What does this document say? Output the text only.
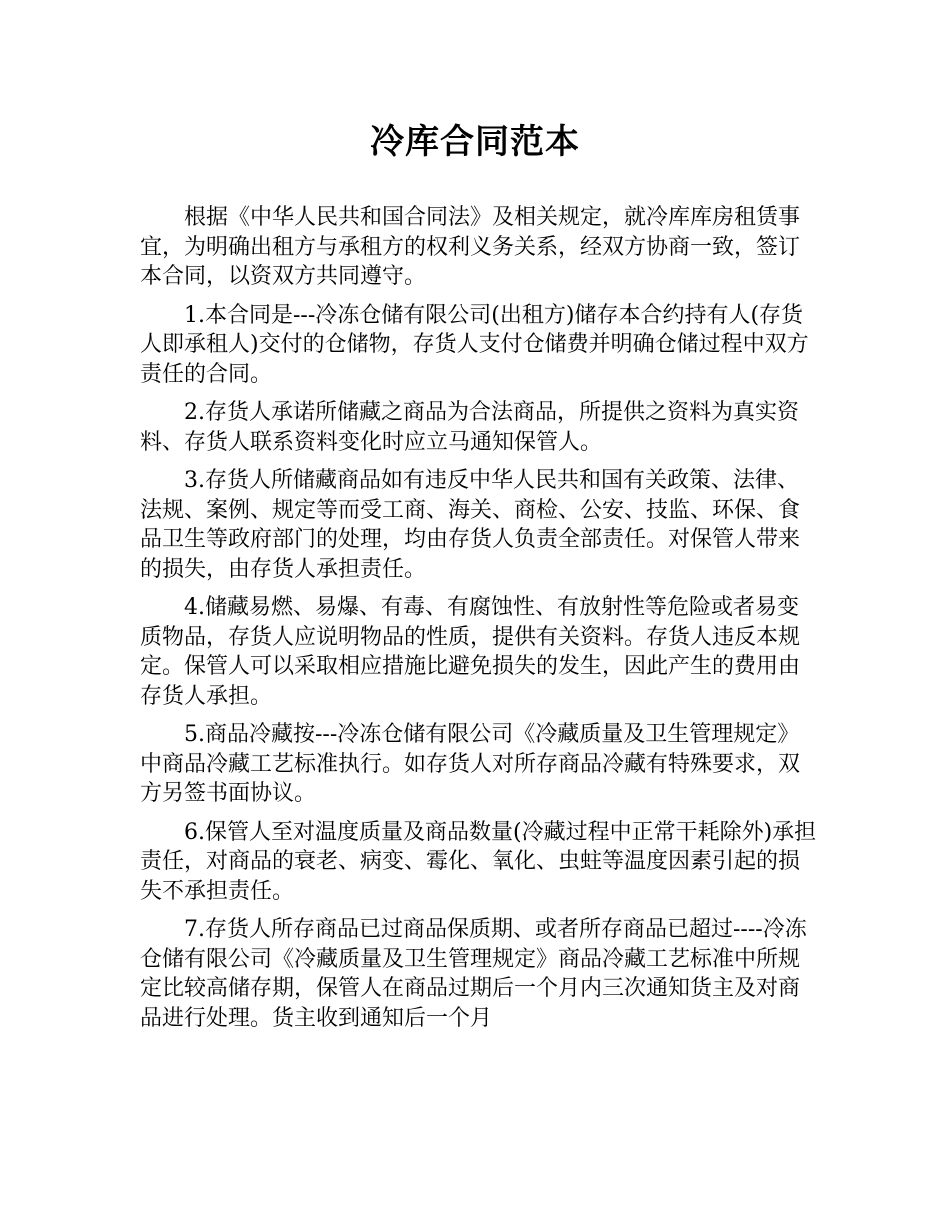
冷库合同范本

根据《中华人民共和国合同法》及相关规定，就冷库库房租赁事宜，为明确出租方与承租方的权利义务关系，经双方协商一致，签订本合同，以资双方共同遵守。

1.本合同是---冷冻仓储有限公司(出租方)储存本合约持有人(存货人即承租人)交付的仓储物，存货人支付仓储费并明确仓储过程中双方责任的合同。

2.存货人承诺所储藏之商品为合法商品，所提供之资料为真实资料、存货人联系资料变化时应立马通知保管人。

3.存货人所储藏商品如有违反中华人民共和国有关政策、法律、法规、案例、规定等而受工商、海关、商检、公安、技监、环保、食品卫生等政府部门的处理，均由存货人负责全部责任。对保管人带来的损失，由存货人承担责任。

4.储藏易燃、易爆、有毒、有腐蚀性、有放射性等危险或者易变质物品，存货人应说明物品的性质，提供有关资料。存货人违反本规定。保管人可以采取相应措施比避免损失的发生，因此产生的费用由存货人承担。

5.商品冷藏按---冷冻仓储有限公司《冷藏质量及卫生管理规定》中商品冷藏工艺标准执行。如存货人对所存商品冷藏有特殊要求，双方另签书面协议。

6.保管人至对温度质量及商品数量(冷藏过程中正常干耗除外)承担责任，对商品的衰老、病变、霉化、氧化、虫蛀等温度因素引起的损失不承担责任。

7.存货人所存商品已过商品保质期、或者所存商品已超过----冷冻仓储有限公司《冷藏质量及卫生管理规定》商品冷藏工艺标准中所规定比较高储存期，保管人在商品过期后一个月内三次通知货主及对商品进行处理。货主收到通知后一个月
